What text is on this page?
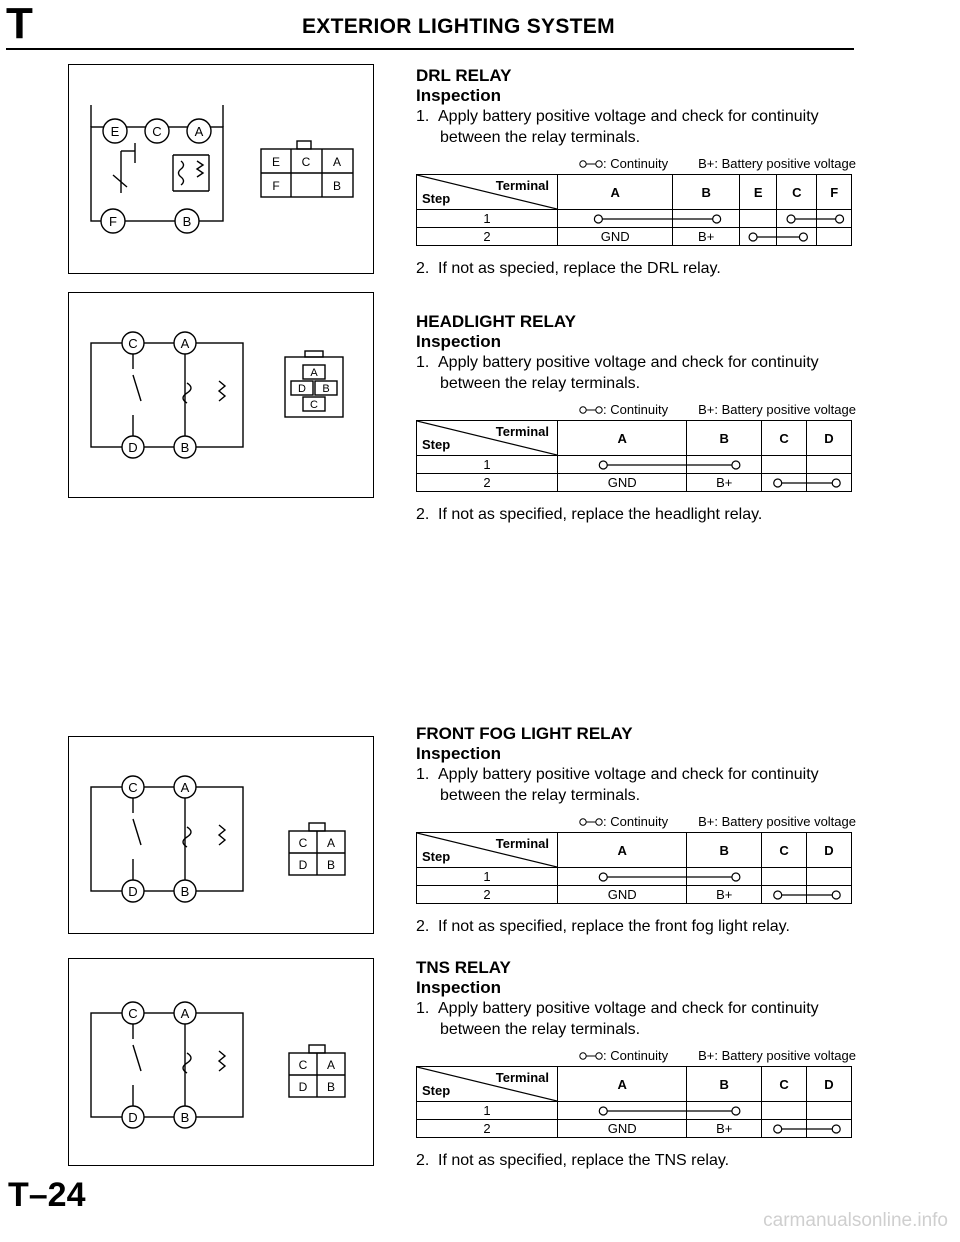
T	EXTERIOR LIGHTING SYSTEM
E	C	A
F	B
E C A
F	B
C	A
D	B
A
D B
C
C	A
D	B
C A
D B
C	A
D	B
C A
D B
DRL RELAY
Inspection
1. Apply battery positive voltage and check for continuity
between the relay terminals.
: Continuity B+: Battery positive voltage
Terminal
Step	A	B	E	C	F
1	

2	GND	B+	

2. If not as specied, replace the DRL relay.
HEADLIGHT RELAY
Inspection
1. Apply battery positive voltage and check for continuity
between the relay terminals.
: Continuity B+: Battery positive voltage
Terminal
Step	A	B	C	D
1	

2	GND	B+	

2. If not as specified, replace the headlight relay.
FRONT FOG LIGHT RELAY
Inspection
1. Apply battery positive voltage and check for continuity
between the relay terminals.
: Continuity B+: Battery positive voltage
Terminal
Step	A	B	C	D
1	

2	GND	B+	

2. If not as specified, replace the front fog light relay.
TNS RELAY
Inspection
1. Apply battery positive voltage and check for continuity
between the relay terminals.
: Continuity B+: Battery positive voltage
Terminal
Step	A	B	C	D
1	

2	GND	B+	

2. If not as specified, replace the TNS relay.
T–24
carmanualsonline.info
